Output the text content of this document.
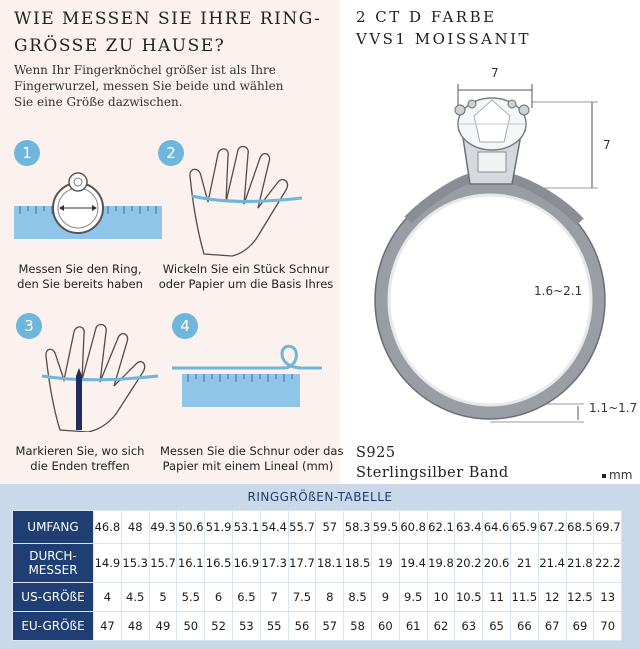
WIE MESSEN SIE IHRE RING-
GRÖSSE ZU HAUSE?
Wenn Ihr Fingerknöchel größer ist als Ihre Fingerwurzel, messen Sie beide und wählen Sie eine Größe dazwischen.
1
Messen Sie den Ring,
den Sie bereits haben
2
Wickeln Sie ein Stück Schnur
oder Papier um die Basis Ihres
3
Markieren Sie, wo sich
die Enden treffen
4
Messen Sie die Schnur oder das
Papier mit einem Lineal (mm)
2 CT D FARBE
VVS1 MOISSANIT
7
7
1.6~2.1
1.1~1.7
S925
Sterlingsilber Band	mm
RINGGRÖßEN-TABELLE
UMFANG	46.8	48	49.3	50.6	51.9	53.1	54.4	55.7	57	58.3	59.5	60.8	62.1	63.4	64.6	65.9	67.2	68.5	69.7
DURCH-
MESSER	14.9	15.3	15.7	16.1	16.5	16.9	17.3	17.7	18.1	18.5	19	19.4	19.8	20.2	20.6	21	21.4	21.8	22.2
US-GRÖßE	4	4.5	5	5.5	6	6.5	7	7.5	8	8.5	9	9.5	10	10.5	11	11.5	12	12.5	13
EU-GRÖßE	47	48	49	50	52	53	55	56	57	58	60	61	62	63	65	66	67	69	70
